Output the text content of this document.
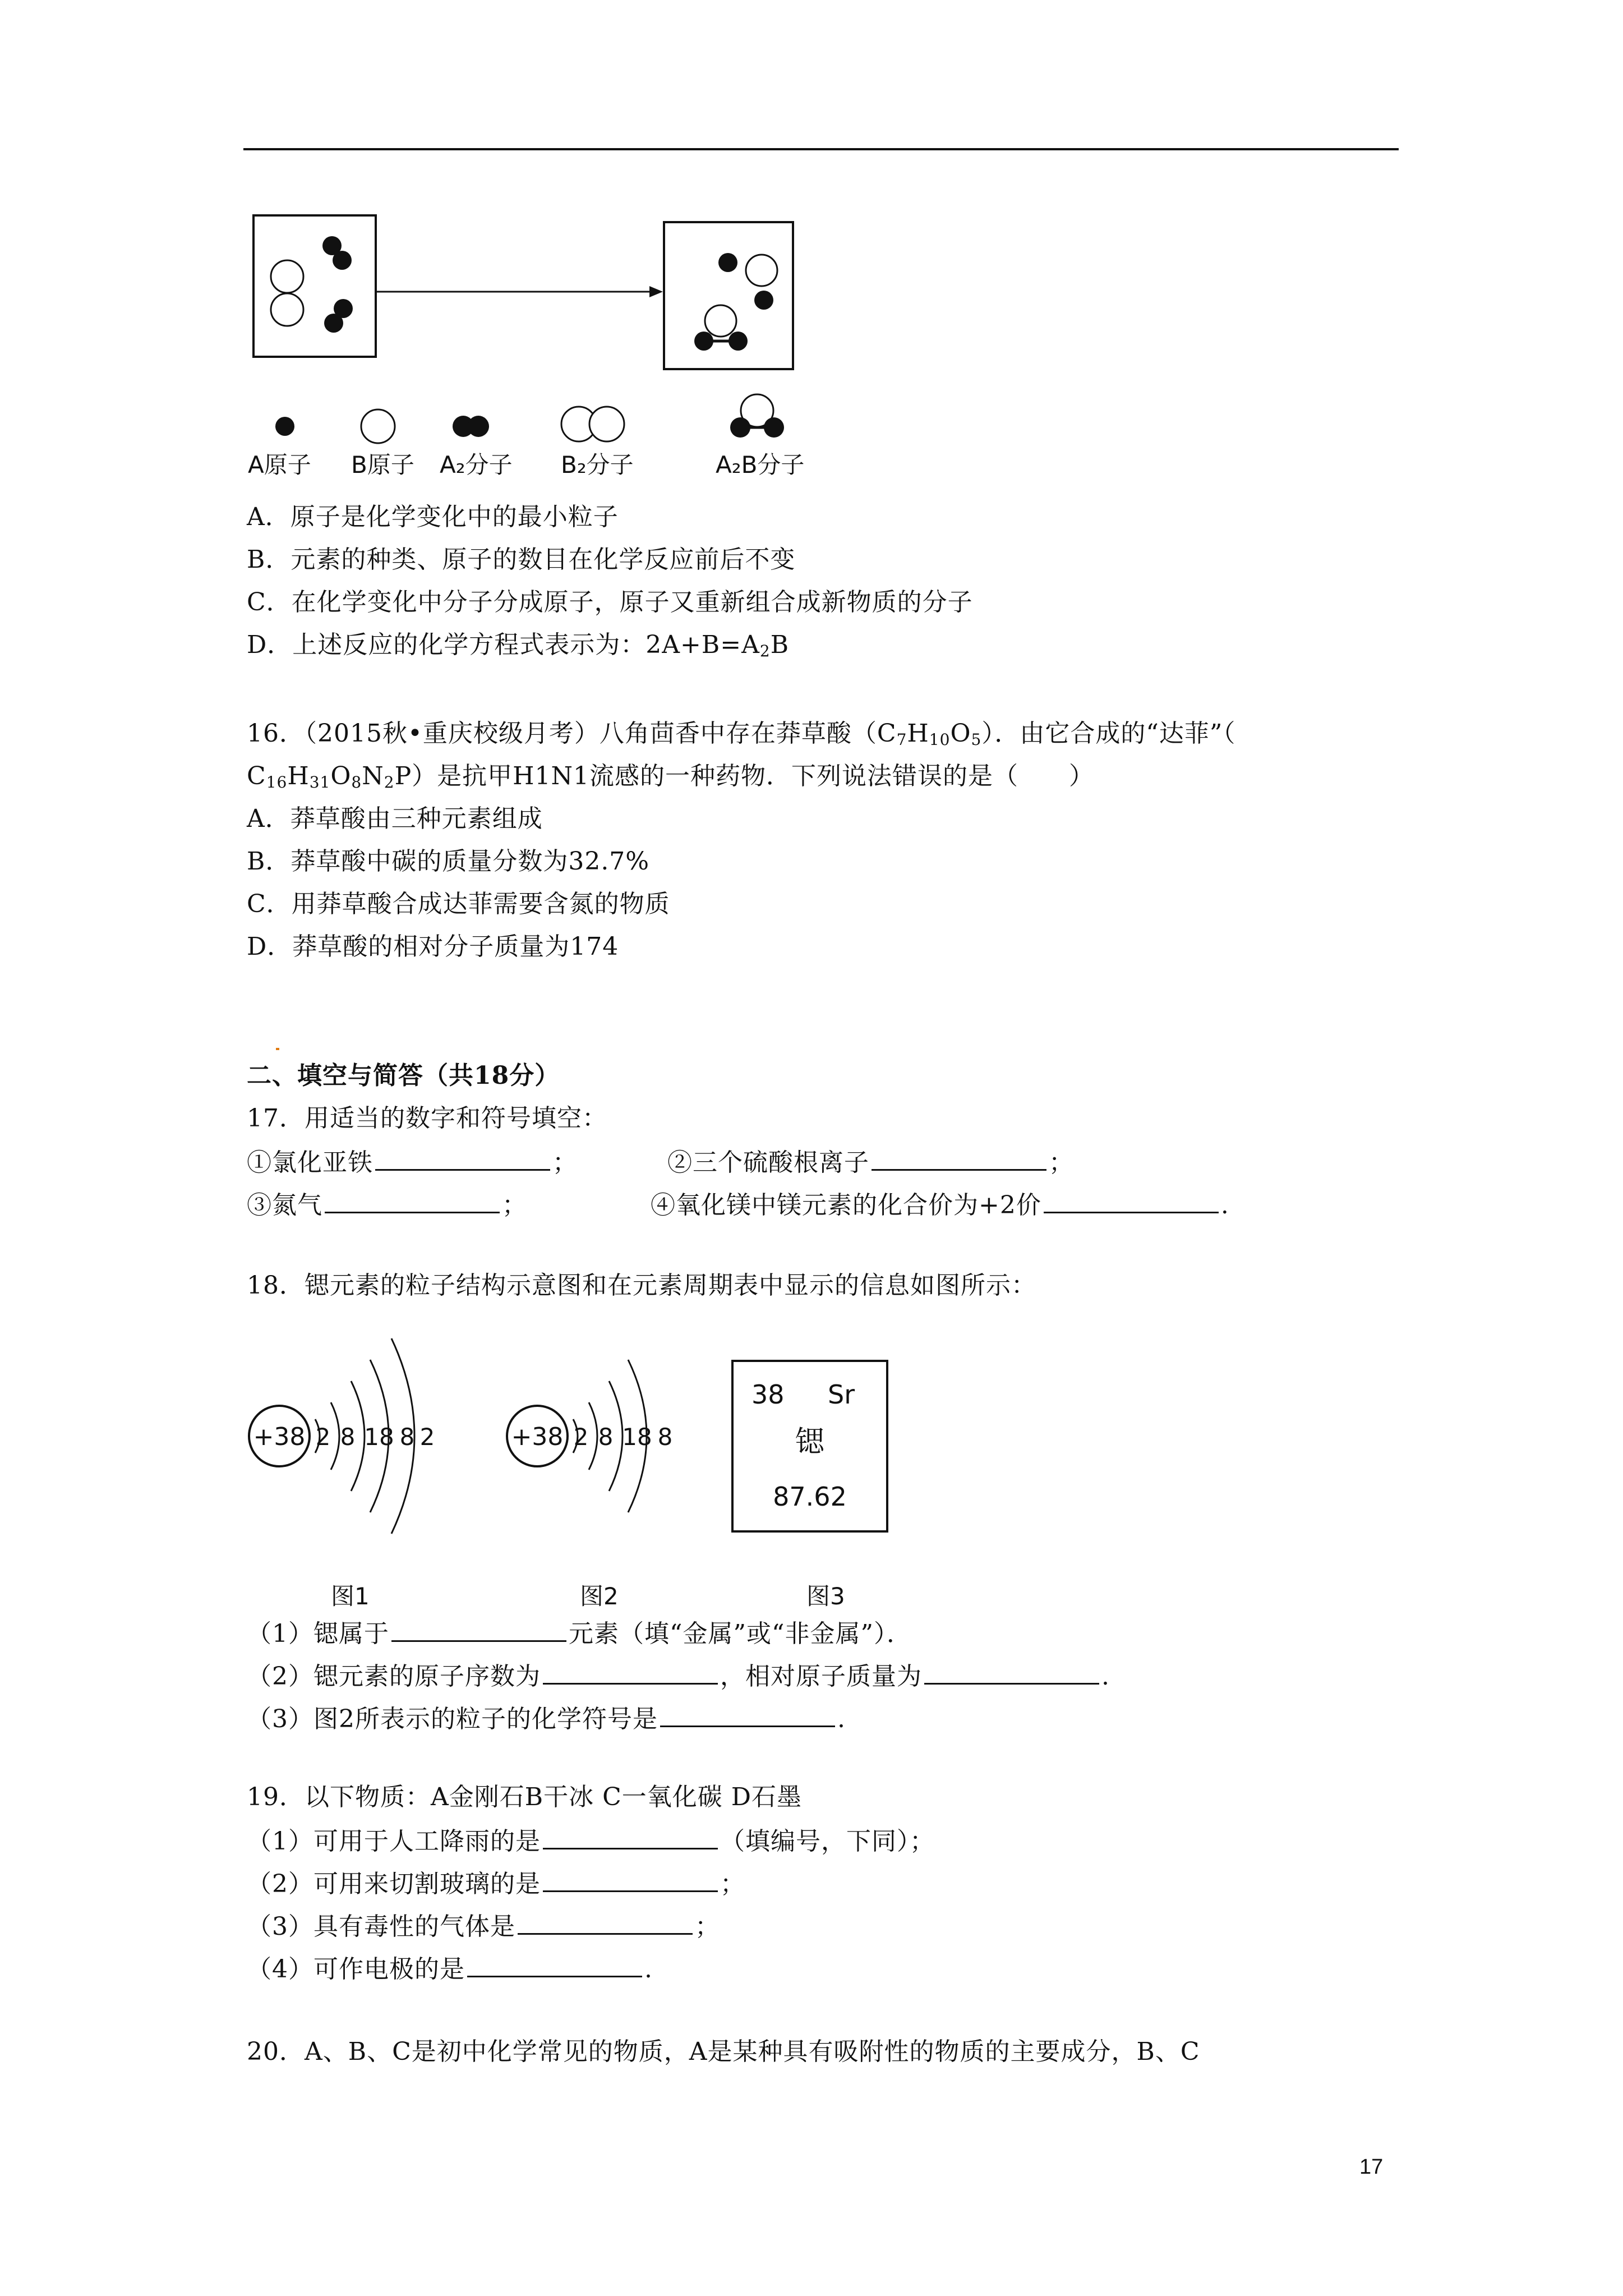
A原子 B原子 A₂分子 B₂分子	A₂B分子
A．原子是化学变化中的最小粒子
B．元素的种类、原子的数目在化学反应前后不变
C．在化学变化中分子分成原子，原子又重新组合成新物质的分子
D．上述反应的化学方程式表示为：$2A+B=A_2B$
16．（2015秋•重庆校级月考）八角茴香中存在莽草酸$(C_7H_{10}O_5)$．由它合成的“达菲”（
$C_{16}H_{31}O_8N_2P$）是抗甲H1N1流感的一种药物．下列说法错误的是（　　）
A．莽草酸由三种元素组成
B．莽草酸中碳的质量分数为32.7%
C．用莽草酸合成达菲需要含氮的物质
D．莽草酸的相对分子质量为174
二、填空与简答（共18分）
17．用适当的数字和符号填空：
①氯化亚铁	；	②三个硫酸根离子	；
③氮气	；	④氧化镁中镁元素的化合价为+2价	.
18．锶元素的粒子结构示意图和在元素周期表中显示的信息如图所示：
+38 2 8 18 8 2
图1
+38 2 8 18 8
图2
38 Sr
锶
87.62
图3
（1）锶属于	元素（填“金属”或“非金属”）．
（2）锶元素的原子序数为	，相对原子质量为	.
（3）图2所表示的粒子的化学符号是	.
19．以下物质：A金刚石B干冰 C一氧化碳 D石墨
（1）可用于人工降雨的是	（填编号，下同）；
（2）可用来切割玻璃的是	；
（3）具有毒性的气体是	；
（4）可作电极的是	.
20．A、B、C是初中化学常见的物质，A是某种具有吸附性的物质的主要成分，B、C
17
